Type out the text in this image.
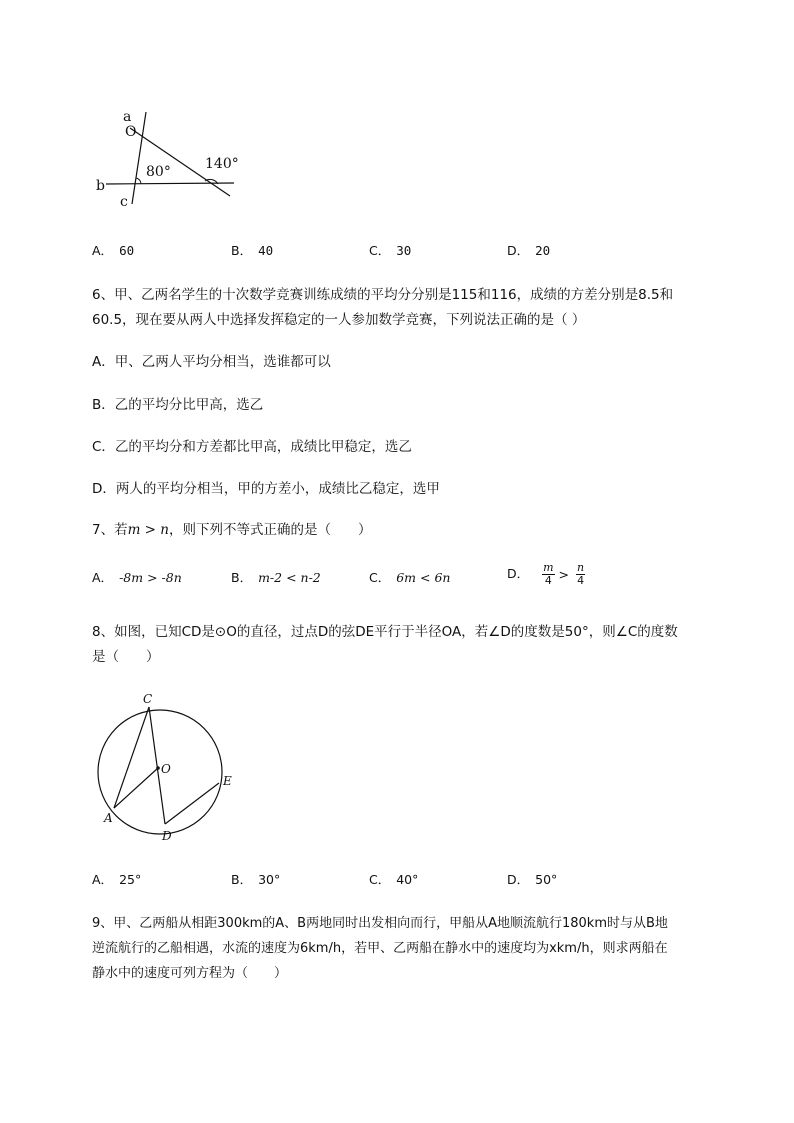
a
O
b
c
80° 140°
A． 60	B． 40	C． 30	D． 20
6、甲、乙两名学生的十次数学竞赛训练成绩的平均分分别是115和116，成绩的方差分别是8.5和
60.5，现在要从两人中选择发挥稳定的一人参加数学竞赛，下列说法正确的是（ ）
A．甲、乙两人平均分相当，选谁都可以
B．乙的平均分比甲高，选乙
C．乙的平均分和方差都比甲高，成绩比甲稳定，选乙
D．两人的平均分相当，甲的方差小，成绩比乙稳定，选甲
7、若m > n，则下列不等式正确的是（　　）
A． -8m > -8n	B． m-2 < n-2	C． 6m < 6n	D． $\frac{m}{4} > \frac{n}{4}$
8、如图，已知CD是⊙O的直径，过点D的弦DE平行于半径OA，若∠D的度数是50°，则∠C的度数
是（　　）
C
O
E
A
D
A． 25°	B． 30°	C． 40°	D． 50°
9、甲、乙两船从相距300km的A、B两地同时出发相向而行，甲船从A地顺流航行180km时与从B地
逆流航行的乙船相遇，水流的速度为6km/h，若甲、乙两船在静水中的速度均为xkm/h，则求两船在
静水中的速度可列方程为（　　）
